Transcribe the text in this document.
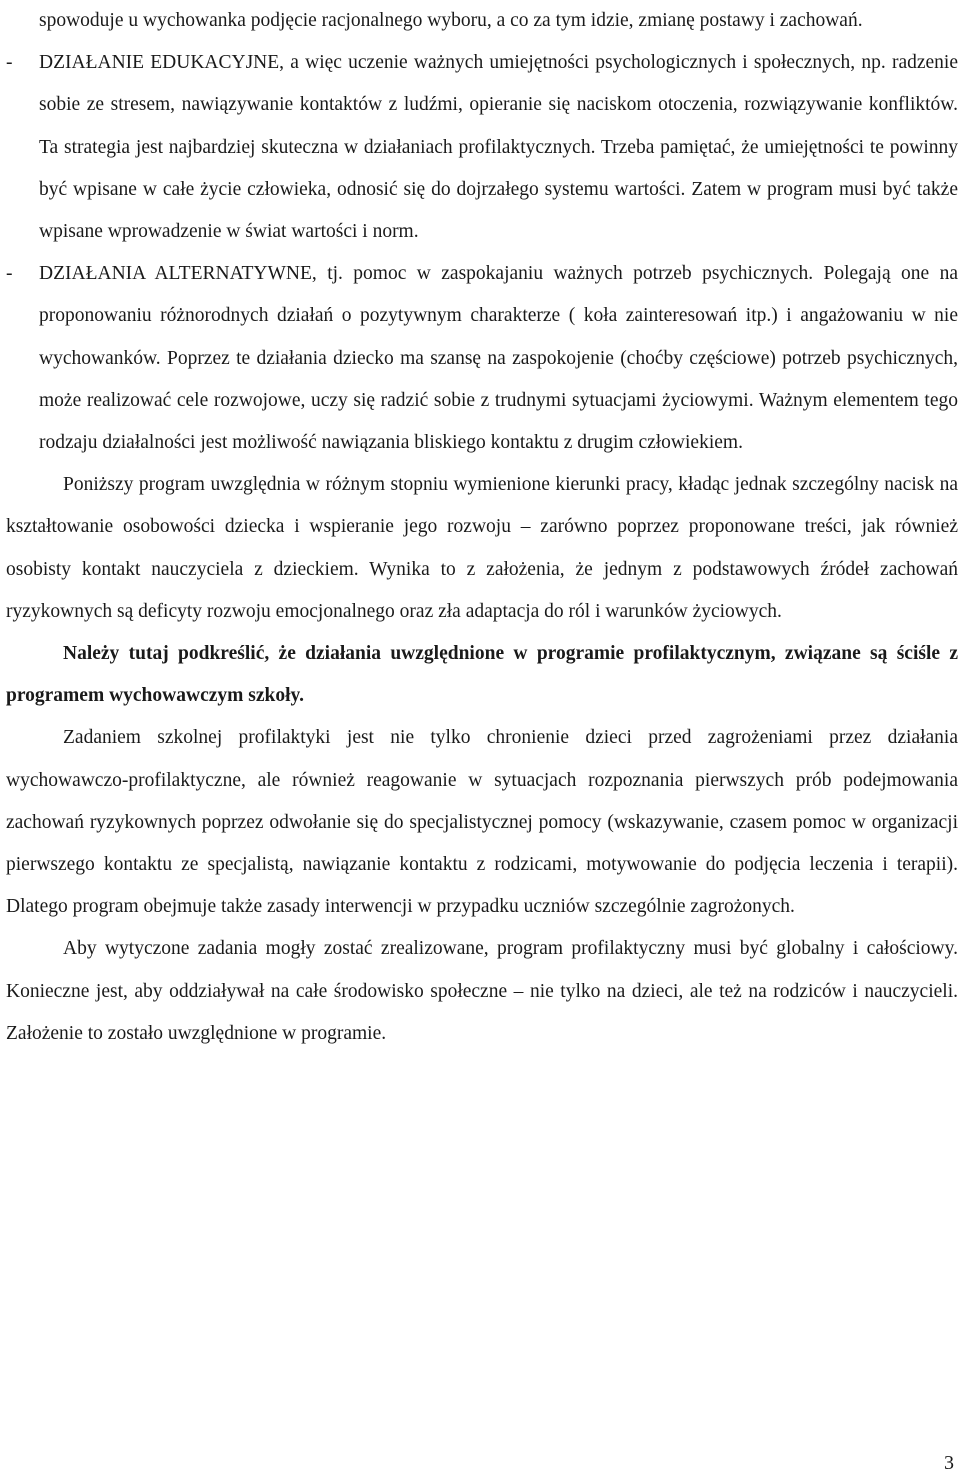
spowoduje u wychowanka podjęcie racjonalnego wyboru, a co za tym idzie, zmianę postawy i zachowań.
- DZIAŁANIE EDUKACYJNE, a więc uczenie ważnych umiejętności psychologicznych i społecznych, np. radzenie sobie ze stresem, nawiązywanie kontaktów z ludźmi, opieranie się naciskom otoczenia, rozwiązywanie konfliktów. Ta strategia jest najbardziej skuteczna w działaniach profilaktycznych. Trzeba pamiętać, że umiejętności te powinny być wpisane w całe życie człowieka, odnosić się do dojrzałego systemu wartości. Zatem w program musi być także wpisane wprowadzenie w świat wartości i norm.
- DZIAŁANIA ALTERNATYWNE, tj. pomoc w zaspokajaniu ważnych potrzeb psychicznych. Polegają one na proponowaniu różnorodnych działań o pozytywnym charakterze ( koła zainteresowań itp.) i angażowaniu w nie wychowanków. Poprzez te działania dziecko ma szansę na zaspokojenie (choćby częściowe) potrzeb psychicznych, może realizować cele rozwojowe, uczy się radzić sobie z trudnymi sytuacjami życiowymi. Ważnym elementem tego rodzaju działalności jest możliwość nawiązania bliskiego kontaktu z drugim człowiekiem.
Poniższy program uwzględnia w różnym stopniu wymienione kierunki pracy, kładąc jednak szczególny nacisk na kształtowanie osobowości dziecka i wspieranie jego rozwoju – zarówno poprzez proponowane treści, jak również osobisty kontakt nauczyciela z dzieckiem. Wynika to z założenia, że jednym z podstawowych źródeł zachowań ryzykownych są deficyty rozwoju emocjonalnego oraz zła adaptacja do ról i warunków życiowych.
Należy tutaj podkreślić, że działania uwzględnione w programie profilaktycznym, związane są ściśle z programem wychowawczym szkoły.
Zadaniem szkolnej profilaktyki jest nie tylko chronienie dzieci przed zagrożeniami przez działania wychowawczo-profilaktyczne, ale również reagowanie w sytuacjach rozpoznania pierwszych prób podejmowania zachowań ryzykownych poprzez odwołanie się do specjalistycznej pomocy (wskazywanie, czasem pomoc w organizacji pierwszego kontaktu ze specjalistą, nawiązanie kontaktu z rodzicami, motywowanie do podjęcia leczenia i terapii). Dlatego program obejmuje także zasady interwencji w przypadku uczniów szczególnie zagrożonych.
Aby wytyczone zadania mogły zostać zrealizowane, program profilaktyczny musi być globalny i całościowy. Konieczne jest, aby oddziaływał na całe środowisko społeczne – nie tylko na dzieci, ale też na rodziców i nauczycieli. Założenie to zostało uwzględnione w programie.
3
